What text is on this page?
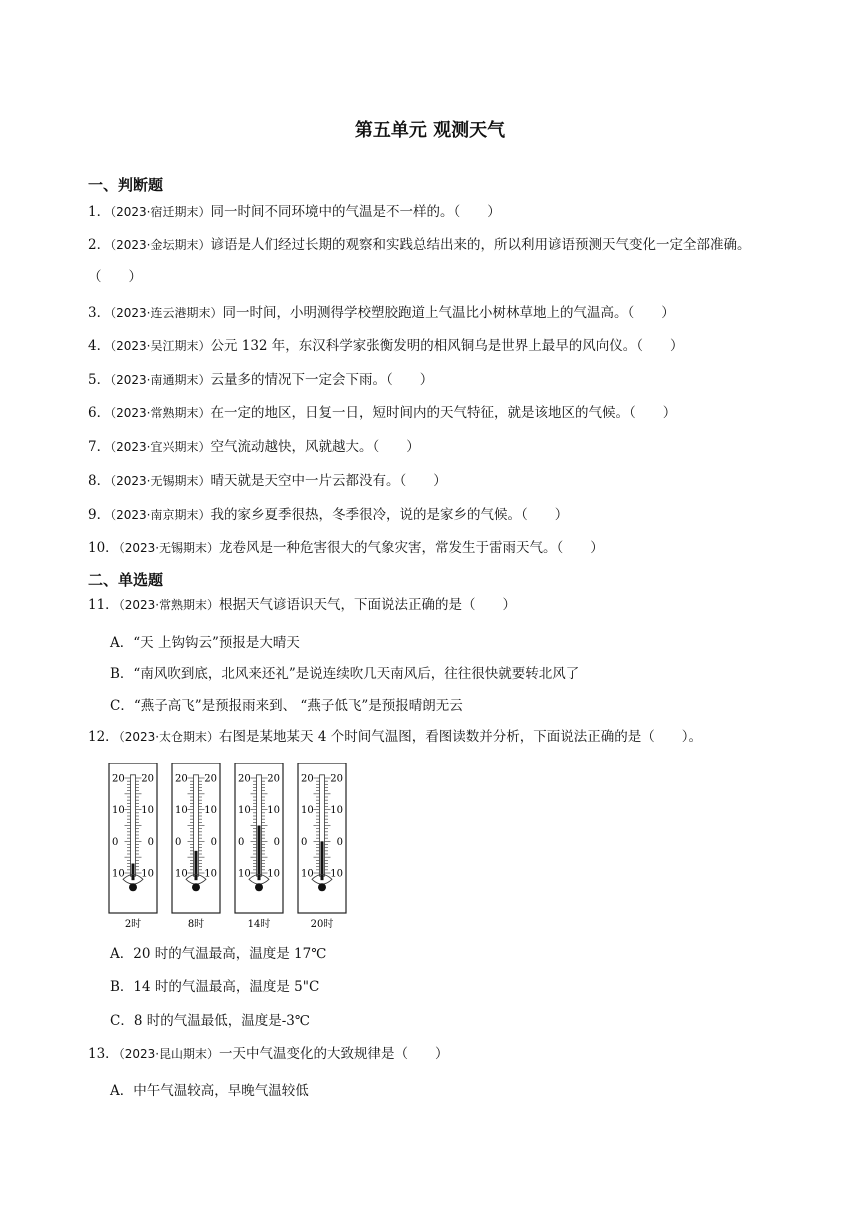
第五单元 观测天气
一、判断题
1．（2023·宿迁期末）同一时间不同环境中的气温是不一样的。（　　）
2．（2023·金坛期末）谚语是人们经过长期的观察和实践总结出来的，所以利用谚语预测天气变化一定全部准确。（　　）
3．（2023·连云港期末）同一时间，小明测得学校塑胶跑道上气温比小树林草地上的气温高。（　　）
4．（2023·吴江期末）公元 132 年，东汉科学家张衡发明的相风铜乌是世界上最早的风向仪。（　　）
5．（2023·南通期末）云量多的情况下一定会下雨。（　　）
6．（2023·常熟期末）在一定的地区，日复一日，短时间内的天气特征，就是该地区的气候。（　　）
7．（2023·宜兴期末）空气流动越快，风就越大。（　　）
8．（2023·无锡期末）晴天就是天空中一片云都没有。（　　）
9．（2023·南京期末）我的家乡夏季很热，冬季很冷，说的是家乡的气候。（　　）
10．（2023·无锡期末）龙卷风是一种危害很大的气象灾害，常发生于雷雨天气。（　　）
二、单选题
11．（2023·常熟期末）根据天气谚语识天气，下面说法正确的是（　　）
A．“天 上钩钩云”预报是大晴天
B．“南风吹到底，北风来还礼”是说连续吹几天南风后，往往很快就要转北风了
C．“燕子高飞”是预报雨来到、 “燕子低飞”是预报晴朗无云
12．（2023·太仓期末）右图是某地某天 4 个时间气温图，看图读数并分析，下面说法正确的是（　　）。
20 20
10 10
0	0
10 10
2时
20 20
10 10
0	0
10 10
8时
20 20
10 10
0	0
10 10
14时
20 20
10 10
0	0
10 10
20时
A．20 时的气温最高，温度是 17℃
B．14 时的气温最高，温度是 5"C
C．8 时的气温最低，温度是-3℃
13．（2023·昆山期末）一天中气温变化的大致规律是（　　）
A．中午气温较高，早晚气温较低
